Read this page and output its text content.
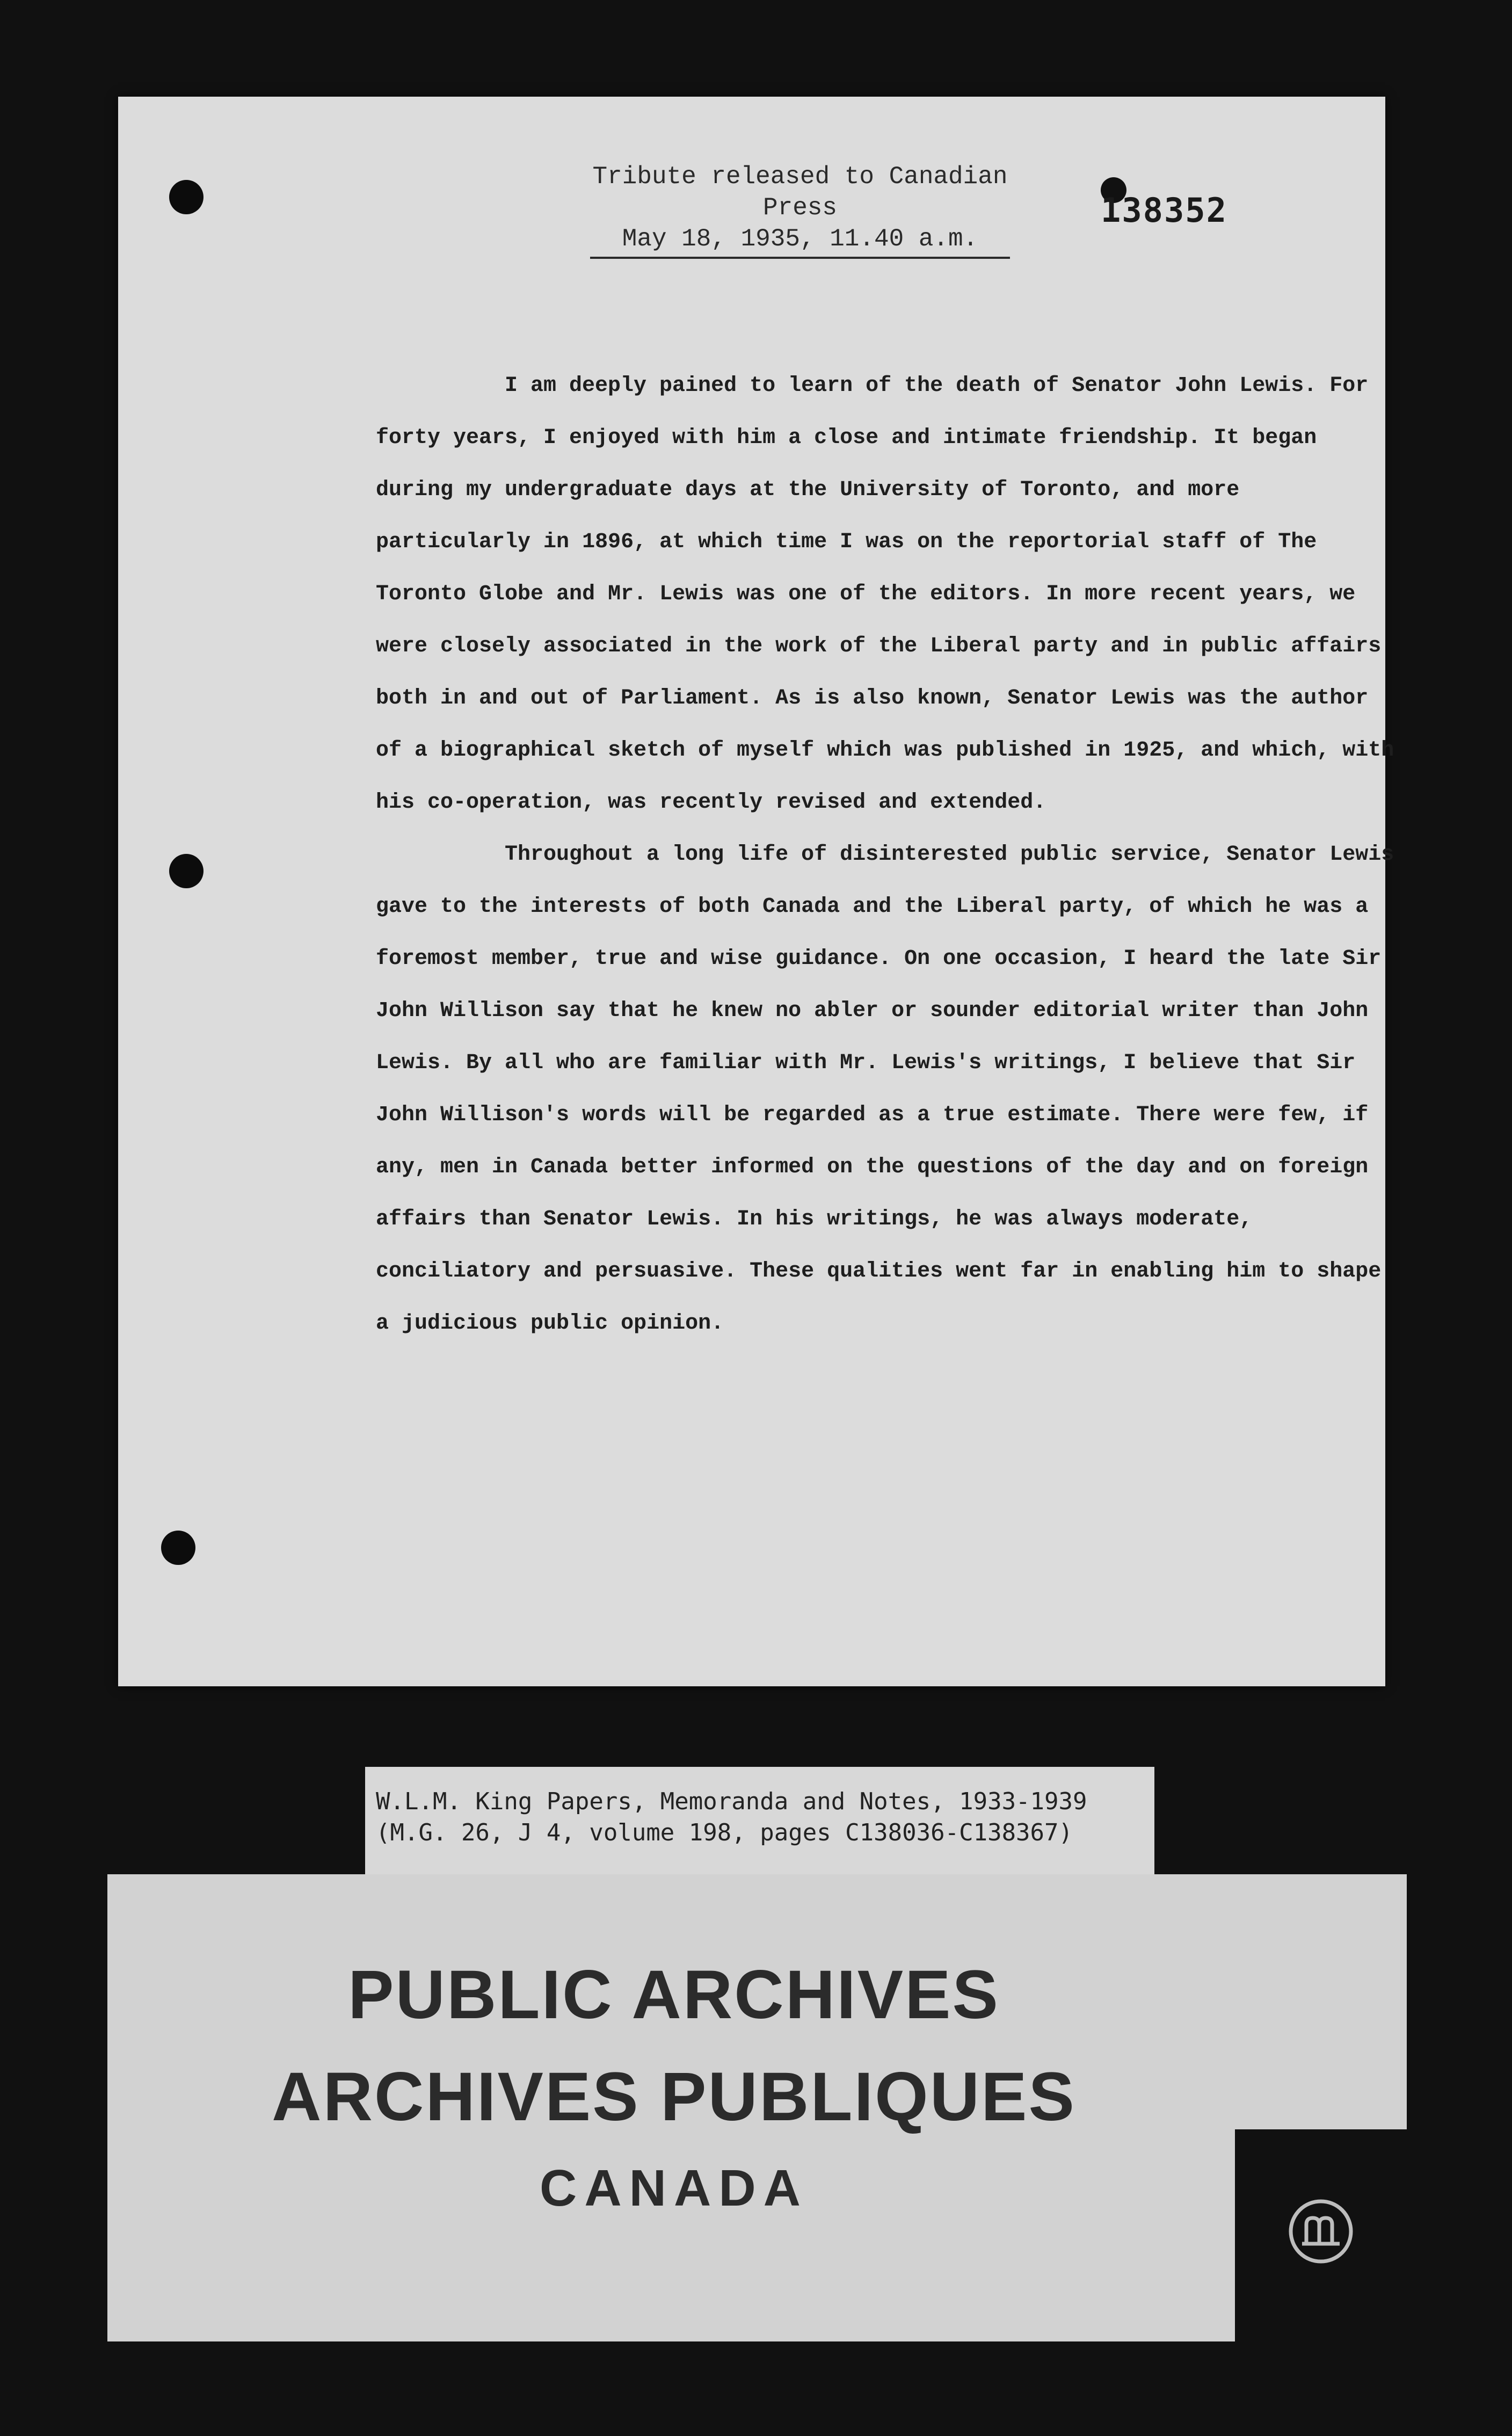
Tribute released to Canadian Press
May 18, 1935, 11.40 a.m.
138352

I am deeply pained to learn of the death of Senator John Lewis. For forty years, I enjoyed with him a close and intimate friendship. It began during my undergraduate days at the University of Toronto, and more particularly in 1896, at which time I was on the reportorial staff of The Toronto Globe and Mr. Lewis was one of the editors. In more recent years, we were closely associated in the work of the Liberal party and in public affairs both in and out of Parliament. As is also known, Senator Lewis was the author of a biographical sketch of myself which was published in 1925, and which, with his co-operation, was recently revised and extended.

Throughout a long life of disinterested public service, Senator Lewis gave to the interests of both Canada and the Liberal party, of which he was a foremost member, true and wise guidance. On one occasion, I heard the late Sir John Willison say that he knew no abler or sounder editorial writer than John Lewis. By all who are familiar with Mr. Lewis's writings, I believe that Sir John Willison's words will be regarded as a true estimate. There were few, if any, men in Canada better informed on the questions of the day and on foreign affairs than Senator Lewis. In his writings, he was always moderate, conciliatory and persuasive. These qualities went far in enabling him to shape a judicious public opinion.

W.L.M. King Papers, Memoranda and Notes, 1933-1939
(M.G. 26, J 4, volume 198, pages C138036-C138367)
PUBLIC ARCHIVES
ARCHIVES PUBLIQUES
CANADA
